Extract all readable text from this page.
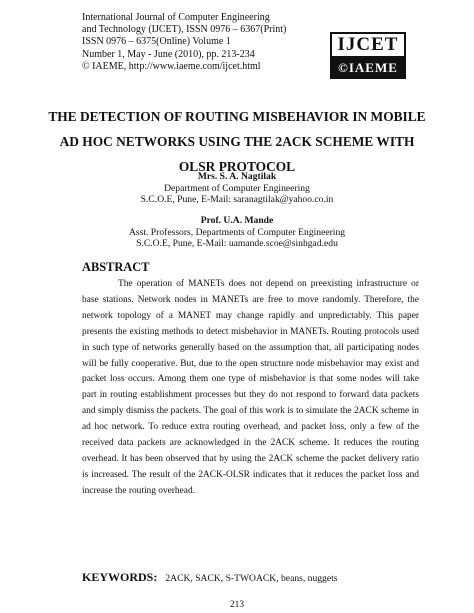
International Journal of Computer Engineering
and Technology (IJCET), ISSN 0976 – 6367(Print)
ISSN 0976 – 6375(Online) Volume 1
Number 1, May - June (2010), pp. 213-234
© IAEME, http://www.iaeme.com/ijcet.html
IJCET
©IAEME
THE DETECTION OF ROUTING MISBEHAVIOR IN MOBILE AD HOC NETWORKS USING THE 2ACK SCHEME WITH OLSR PROTOCOL
Mrs. S. A. Nagtilak
Department of Computer Engineering
S.C.O.E, Pune, E-Mail: saranagtilak@yahoo.co.in
Prof. U.A. Mande
Asst. Professors, Departments of Computer Engineering
S.C.O.E, Pune, E-Mail: uamande.scoe@sinhgad.edu
ABSTRACT
The operation of MANETs does not depend on preexisting infrastructure or base stations. Network nodes in MANETs are free to move randomly. Therefore, the network topology of a MANET may change rapidly and unpredictably. This paper presents the existing methods to detect misbehavior in MANETs. Routing protocols used in such type of networks generally based on the assumption that, all participating nodes will be fully cooperative. But, due to the open structure node misbehavior may exist and packet loss occurs. Among them one type of misbehavior is that some nodes will take part in routing establishment processes but they do not respond to forward data packets and simply dismiss the packets. The goal of this work is to simulate the 2ACK scheme in ad hoc network. To reduce extra routing overhead, and packet loss, only a few of the received data packets are acknowledged in the 2ACK scheme. It reduces the routing overhead. It has been observed that by using the 2ACK scheme the packet delivery ratio is increased. The result of the 2ACK-OLSR indicates that it reduces the packet loss and increase the routing overhead.
KEYWORDS: 2ACK, SACK, S-TWOACK, beans, nuggets
213
